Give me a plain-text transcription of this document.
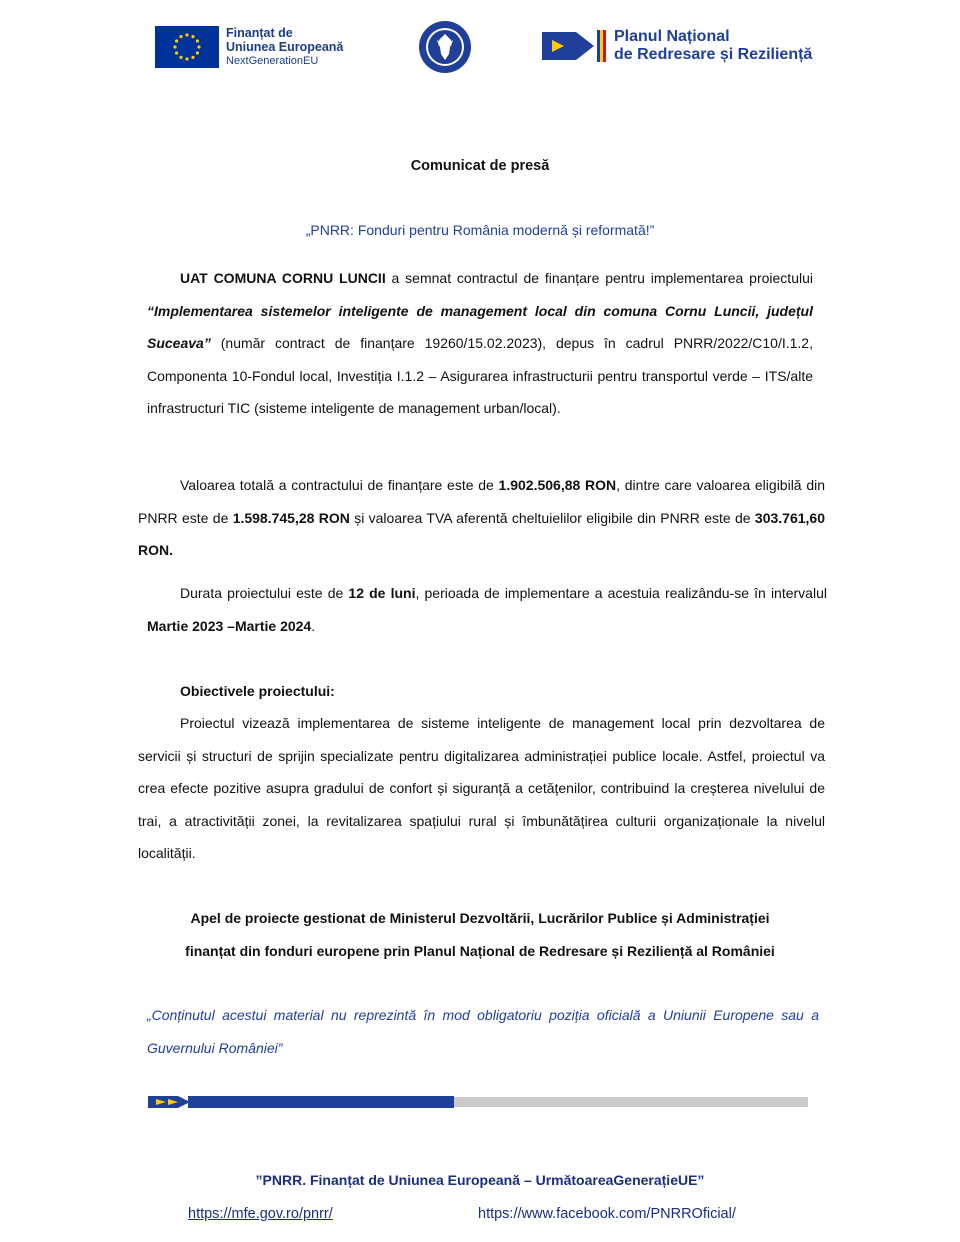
Finanțat de
Uniunea Europeană
NextGenerationEU
Planul Național
de Redresare și Reziliență
Comunicat de presă
„PNRR: Fonduri pentru România modernă și reformată!”
UAT COMUNA CORNU LUNCII a semnat contractul de finanțare pentru implementarea proiectului “Implementarea sistemelor inteligente de management local din comuna Cornu Luncii, județul Suceava” (număr contract de finanțare 19260/15.02.2023), depus în cadrul PNRR/2022/C10/I.1.2, Componenta 10-Fondul local, Investiția I.1.2 – Asigurarea infrastructurii pentru transportul verde – ITS/alte infrastructuri TIC (sisteme inteligente de management urban/local).
Valoarea totală a contractului de finanțare este de 1.902.506,88 RON, dintre care valoarea eligibilă din PNRR este de 1.598.745,28 RON și valoarea TVA aferentă cheltuielilor eligibile din PNRR este de 303.761,60 RON.
Durata proiectului este de 12 de luni, perioada de implementare a acestuia realizându-se în intervalul Martie 2023 –Martie 2024.
Obiectivele proiectului:
Proiectul vizează implementarea de sisteme inteligente de management local prin dezvoltarea de servicii și structuri de sprijin specializate pentru digitalizarea administrației publice locale. Astfel, proiectul va crea efecte pozitive asupra gradului de confort și siguranță a cetățenilor, contribuind la creșterea nivelului de trai, a atractivității zonei, la revitalizarea spațiului rural și îmbunătățirea culturii organizaționale la nivelul localității.
Apel de proiecte gestionat de Ministerul Dezvoltării, Lucrărilor Publice și Administrației
finanțat din fonduri europene prin Planul Național de Redresare și Reziliență al României
„Conținutul acestui material nu reprezintă în mod obligatoriu poziția oficială a Uniunii Europene sau a Guvernului României”
”PNRR. Finanțat de Uniunea Europeană – UrmătoareaGenerațieUE”
https://mfe.gov.ro/pnrr/	https://www.facebook.com/PNRROficial/
